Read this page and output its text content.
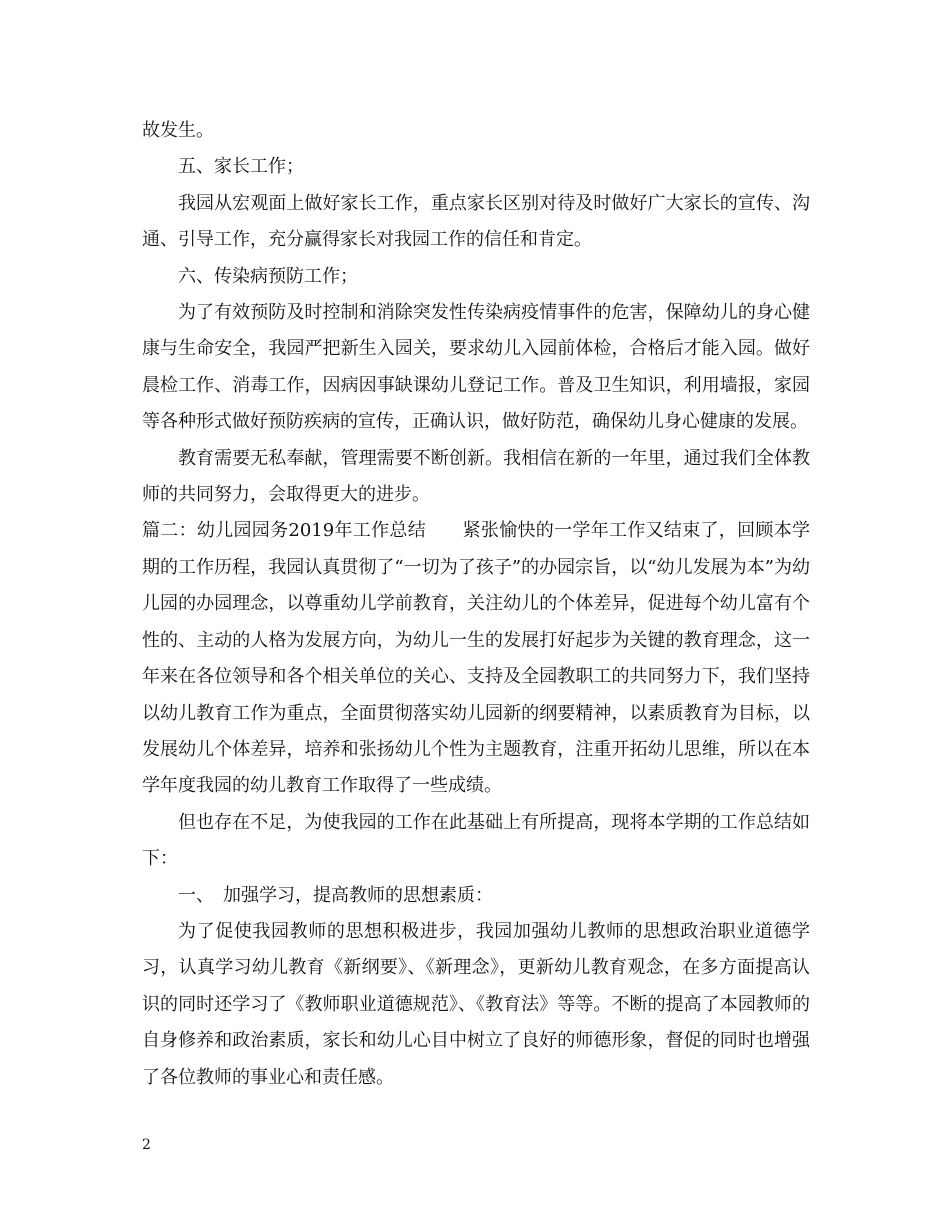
故发生。

五、家长工作；

我园从宏观面上做好家长工作，重点家长区别对待及时做好广大家长的宣传、沟通、引导工作，充分赢得家长对我园工作的信任和肯定。

六、传染病预防工作；

为了有效预防及时控制和消除突发性传染病疫情事件的危害，保障幼儿的身心健康与生命安全，我园严把新生入园关，要求幼儿入园前体检，合格后才能入园。做好晨检工作、消毒工作，因病因事缺课幼儿登记工作。普及卫生知识，利用墙报，家园等各种形式做好预防疾病的宣传，正确认识，做好防范，确保幼儿身心健康的发展。

教育需要无私奉献，管理需要不断创新。我相信在新的一年里，通过我们全体教师的共同努力，会取得更大的进步。

篇二：幼儿园园务2019年工作总结　　紧张愉快的一学年工作又结束了，回顾本学期的工作历程，我园认真贯彻了“一切为了孩子”的办园宗旨，以“幼儿发展为本”为幼儿园的办园理念，以尊重幼儿学前教育，关注幼儿的个体差异，促进每个幼儿富有个性的、主动的人格为发展方向，为幼儿一生的发展打好起步为关键的教育理念，这一年来在各位领导和各个相关单位的关心、支持及全园教职工的共同努力下，我们坚持以幼儿教育工作为重点，全面贯彻落实幼儿园新的纲要精神，以素质教育为目标，以发展幼儿个体差异，培养和张扬幼儿个性为主题教育，注重开拓幼儿思维，所以在本学年度我园的幼儿教育工作取得了一些成绩。

但也存在不足，为使我园的工作在此基础上有所提高，现将本学期的工作总结如下：

一、　加强学习，提高教师的思想素质：

为了促使我园教师的思想积极进步，我园加强幼儿教师的思想政治职业道德学习，认真学习幼儿教育《新纲要》、《新理念》，更新幼儿教育观念，在多方面提高认识的同时还学习了《教师职业道德规范》、《教育法》等等。不断的提高了本园教师的自身修养和政治素质，家长和幼儿心目中树立了良好的师德形象，督促的同时也增强了各位教师的事业心和责任感。

2
